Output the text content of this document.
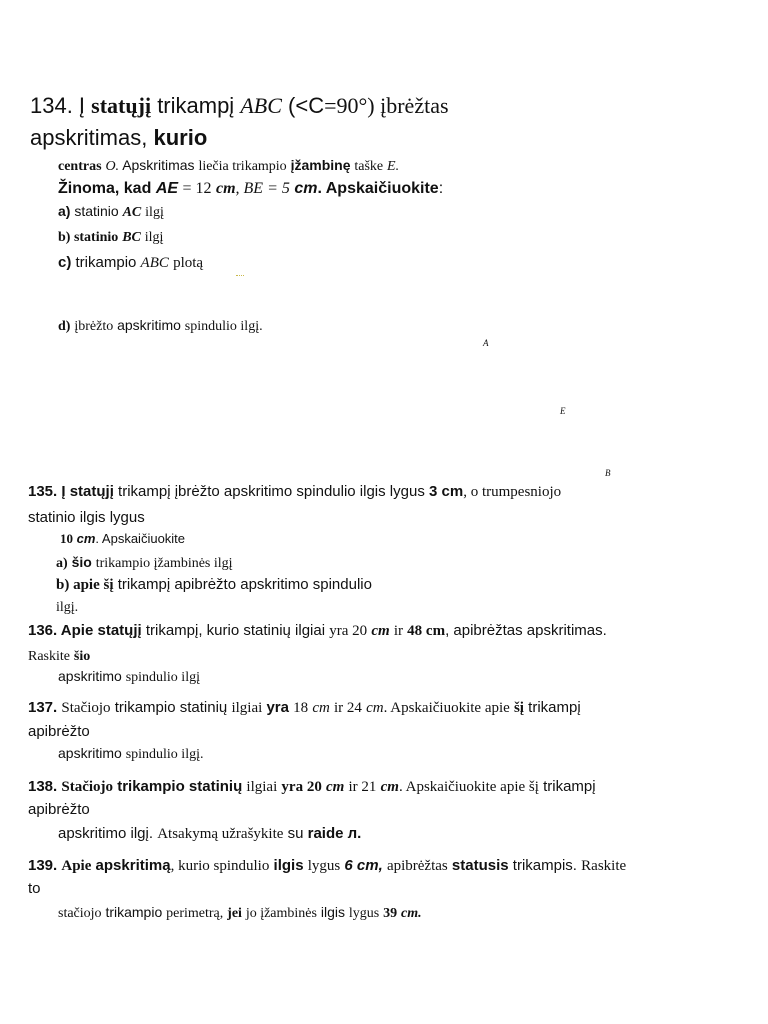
134. Į statųjį trikampį ABC (<C=90°) įbrėžtas
apskritimas, kurio
centras O. Apskritimas liečia trikampio įžambinę taške E.
Žinoma, kad AE = 12 cm, BE = 5 cm. Apskaičiuokite:
a) statinio AC ilgį
b) statinio BC ilgį
c) trikampio ABC plotą
d) įbrėžto apskritimo spindulio ilgį.
A
E
B
135. Į statųjį trikampį įbrėžto apskritimo spindulio ilgis lygus 3 cm, o trumpesniojo
statinio ilgis lygus
10 cm. Apskaičiuokite
a) šio trikampio įžambinės ilgį
b) apie šį trikampį apibrėžto apskritimo spindulio
ilgį.
136. Apie statųjį trikampį, kurio statinių ilgiai yra 20 cm ir 48 cm, apibrėžtas apskritimas.
Raskite šio
apskritimo spindulio ilgį
137. Stačiojo trikampio statinių ilgiai yra 18 cm ir 24 cm. Apskaičiuokite apie šį trikampį
apibrėžto
apskritimo spindulio ilgį.
138. Stačiojo trikampio statinių ilgiai yra 20 cm ir 21 cm. Apskaičiuokite apie šį trikampį
apibrėžto
apskritimo ilgį. Atsakymą užrašykite su raide л.
139. Apie apskritimą, kurio spindulio ilgis lygus 6 cm, apibrėžtas statusis trikampis. Raskite
to
stačiojo trikampio perimetrą, jei jo įžambinės ilgis lygus 39 cm.
